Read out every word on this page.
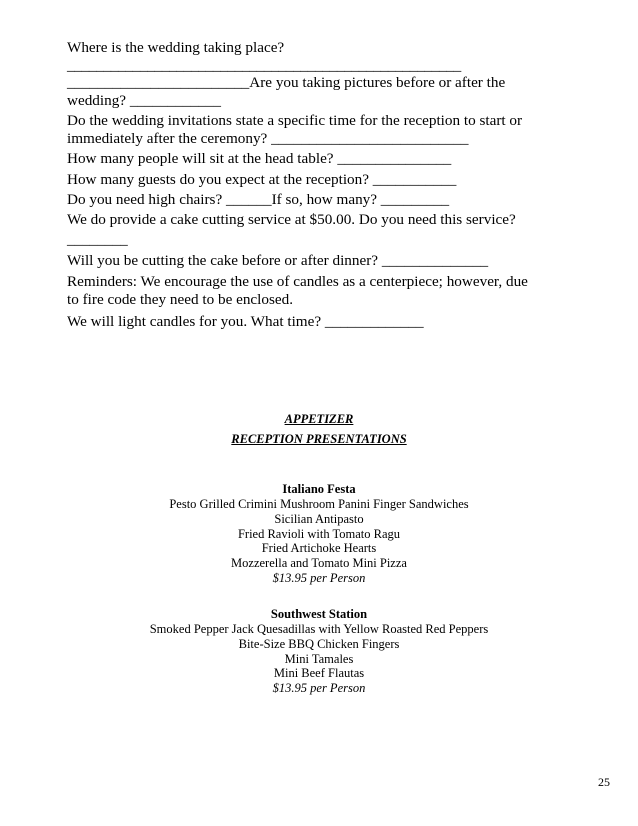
Where is the wedding taking place?
______________________________________________________
________________________Are you taking pictures before or after the
wedding? ____________
Do the wedding invitations state a specific time for the reception to start or
immediately after the ceremony? __________________________
How many people will sit at the head table? _______________
How many guests do you expect at the reception? ___________
Do you need high chairs? ______If so, how many? _________
We do provide a cake cutting service at $50.00. Do you need this service?
________
Will you be cutting the cake before or after dinner? ______________
Reminders: We encourage the use of candles as a centerpiece; however, due
to fire code they need to be enclosed.
We will light candles for you. What time? _____________
APPETIZER
RECEPTION PRESENTATIONS
Italiano Festa
Pesto Grilled Crimini Mushroom Panini Finger Sandwiches
Sicilian Antipasto
Fried Ravioli with Tomato Ragu
Fried Artichoke Hearts
Mozzerella and Tomato Mini Pizza
$13.95 per Person
Southwest Station
Smoked Pepper Jack Quesadillas with Yellow Roasted Red Peppers
Bite-Size BBQ Chicken Fingers
Mini Tamales
Mini Beef Flautas
$13.95 per Person
25
